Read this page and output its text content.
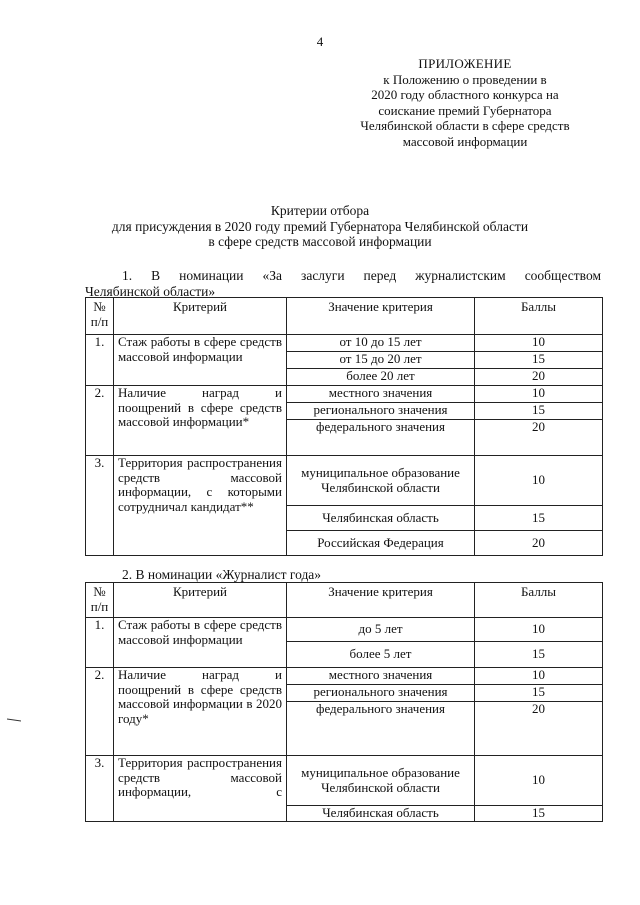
4
ПРИЛОЖЕНИЕ
к Положению о проведении в
2020 году областного конкурса на
соискание премий Губернатора
Челябинской области в сфере средств
массовой информации
Критерии отбора
для присуждения в 2020 году премий Губернатора Челябинской области
в сфере средств массовой информации
1. В номинации «За заслуги перед журналистским сообществом
Челябинской области»
№ п/п	Критерий	Значение критерия	Баллы
1.	Стаж работы в сфере средств массовой информации	от 10 до 15 лет	10
		от 15 до 20 лет	15
		более 20 лет	20
2.	Наличие наград и поощрений в сфере средств массовой информации*	местного значения	10
		регионального значения	15
		федерального значения	20
3.	Территория распространения средств массовой информации, с которыми сотрудничал кандидат**	муниципальное образование Челябинской области	10
		Челябинская область	15
		Российская Федерация	20
2. В номинации «Журналист года»
№ п/п	Критерий	Значение критерия	Баллы
1.	Стаж работы в сфере средств массовой информации	до 5 лет	10
		более 5 лет	15
2.	Наличие наград и поощрений в сфере средств массовой информации в 2020 году*	местного значения	10
		регионального значения	15
		федерального значения	20
3.	Территория распространения средств массовой информации, с	муниципальное образование Челябинской области	10
		Челябинская область	15
